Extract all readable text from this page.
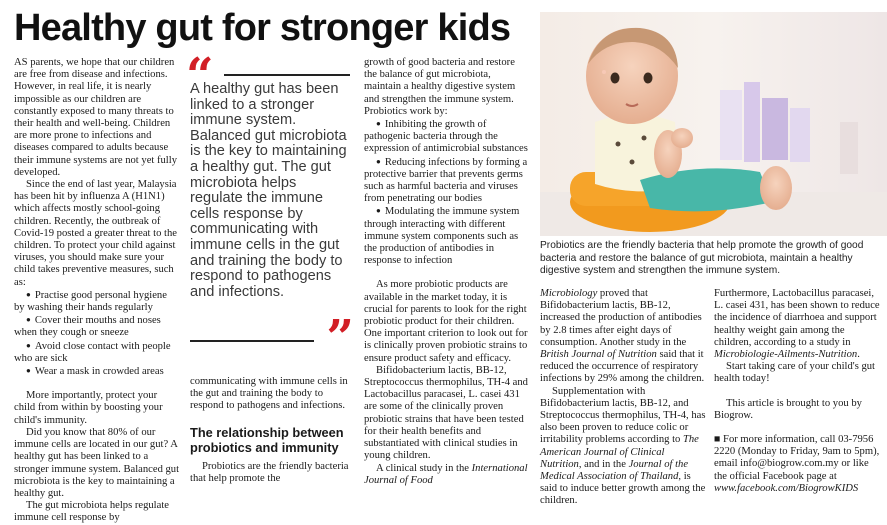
Healthy gut for stronger kids

AS parents, we hope that our children are free from disease and infections. However, in real life, it is nearly impossible as our children are constantly exposed to many threats to their health and well-being. Children are more prone to infections and diseases compared to adults because their immune systems are not yet fully developed.

Since the end of last year, Malaysia has been hit by influenza A (H1N1) which affects mostly school-going children. Recently, the outbreak of Covid-19 posted a greater threat to the children. To protect your child against viruses, you should make sure your child takes preventive measures, such as:

● Practise good personal hygiene by washing their hands regularly

● Cover their mouths and noses when they cough or sneeze

● Avoid close contact with people who are sick

● Wear a mask in crowded areas

More importantly, protect your child from within by boosting your child's immunity.

Did you know that 80% of our immune cells are located in our gut? A healthy gut has been linked to a stronger immune system. Balanced gut microbiota is the key to maintaining a healthy gut.

The gut microbiota helps regulate immune cell response by

“
A healthy gut has been linked to a stronger immune system. Balanced gut microbiota is the key to maintaining a healthy gut. The gut microbiota helps regulate the immune cells response by communicating with immune cells in the gut and training the body to respond to pathogens and infections.
”

communicating with immune cells in the gut and training the body to respond to pathogens and infections.

The relationship between probiotics and immunity

Probiotics are the friendly bacteria that help promote the

growth of good bacteria and restore the balance of gut microbiota, maintain a healthy digestive system and strengthen the immune system. Probiotics work by:

● Inhibiting the growth of pathogenic bacteria through the expression of antimicrobial substances

● Reducing infections by forming a protective barrier that prevents germs such as harmful bacteria and viruses from penetrating our bodies

● Modulating the immune system through interacting with different immune system components such as the production of antibodies in response to infection

As more probiotic products are available in the market today, it is crucial for parents to look for the right probiotic product for their children. One important criterion to look out for is clinically proven probiotic strains to ensure product safety and efficacy.

Bifidobacterium lactis, BB-12, Streptococcus thermophilus, TH-4 and Lactobacillus paracasei, L. casei 431 are some of the clinically proven probiotic strains that have been tested for their health benefits and substantiated with clinical studies in young children.

A clinical study in the International Journal of Food

Probiotics are the friendly bacteria that help promote the growth of good bacteria and restore the balance of gut microbiota, maintain a healthy digestive system and strengthen the immune system.

Microbiology proved that Bifidobacterium lactis, BB-12, increased the production of antibodies by 2.8 times after eight days of consumption. Another study in the British Journal of Nutrition said that it reduced the occurrence of respiratory infections by 29% among the children.

Supplementation with Bifidobacterium lactis, BB-12, and Streptococcus thermophilus, TH-4, has also been proven to reduce colic or irritability problems according to The American Journal of Clinical Nutrition, and in the Journal of the Medical Association of Thailand, is said to induce better growth among the children.

Furthermore, Lactobacillus paracasei, L. casei 431, has been shown to reduce the incidence of diarrhoea and support healthy weight gain among the children, according to a study in Microbiologie-Ailments-Nutrition.

Start taking care of your child's gut health today!

This article is brought to you by Biogrow.

■ For more information, call 03-7956 2220 (Monday to Friday, 9am to 5pm), email info@biogrow.com.my or like the official Facebook page at www.facebook.com/BiogrowKIDS
